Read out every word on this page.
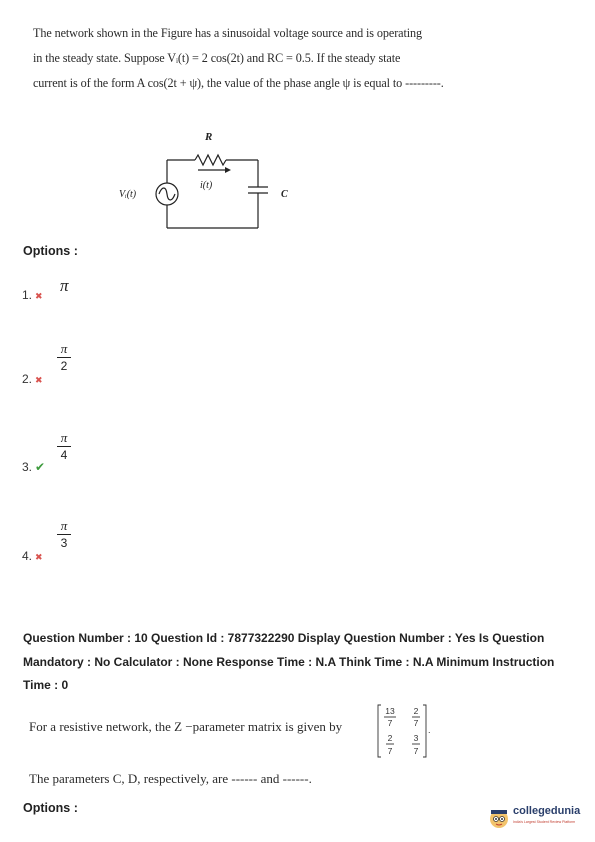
The network shown in the Figure has a sinusoidal voltage source and is operating
in the steady state. Suppose Vᵢ(t) = 2 cos(2t) and RC = 0.5. If the steady state
current is of the form A cos(2t + ψ), the value of the phase angle ψ is equal to ---------.
R
i(t)
Vᵢ(t)	C
Options :
1. ✖
π
2. ✖
π
2
3. ✔
π
4
4. ✖
π
3
Question Number : 10 Question Id : 7877322290 Display Question Number : Yes Is Question
Mandatory : No Calculator : None Response Time : N.A Think Time : N.A Minimum Instruction
Time : 0
For a resistive network, the Z −parameter matrix is given by
13
7
2
7
2
7
3
7
.
The parameters C, D, respectively, are ------ and ------.
Options :	collegedunia
India's Largest Student Review Platform
